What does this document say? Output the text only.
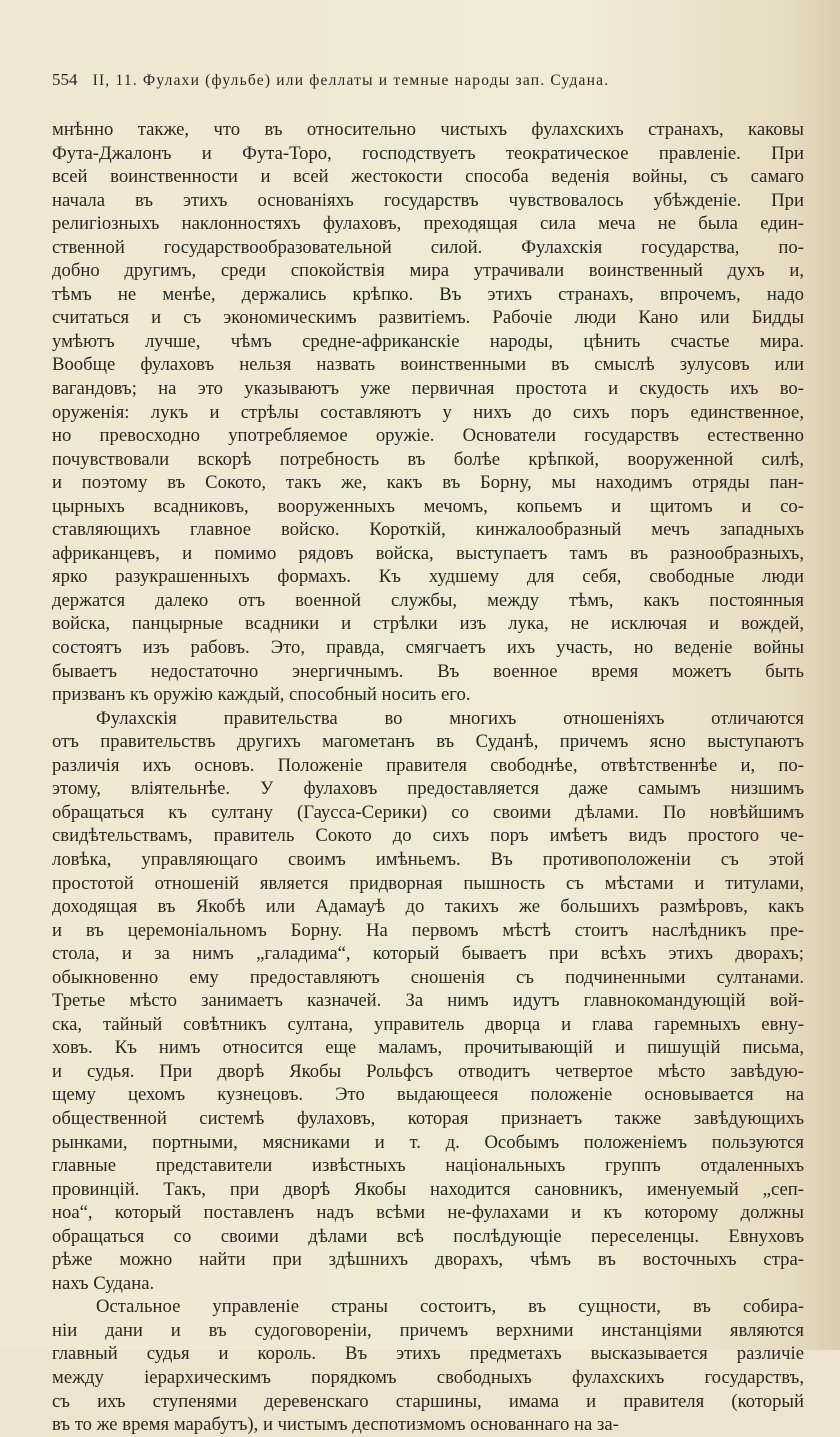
554 II, 11. Фулахи (фульбе) или феллаты и темные народы зап. Судана.
мнѣнно также, что въ относительно чистыхъ фулахскихъ странахъ, каковы
Фута-Джалонъ и Фута-Торо, господствуетъ теократическое правленіе. При
всей воинственности и всей жестокости способа веденія войны, съ самаго
начала въ этихъ основаніяхъ государствъ чувствовалось убѣжденіе. При
религіозныхъ наклонностяхъ фулаховъ, преходящая сила меча не была един-
ственной государствообразовательной силой. Фулахскія государства, по-
добно другимъ, среди спокойствія мира утрачивали воинственный духъ и,
тѣмъ не менѣе, держались крѣпко. Въ этихъ странахъ, впрочемъ, надо
считаться и съ экономическимъ развитіемъ. Рабочіе люди Кано или Бидды
умѣютъ лучше, чѣмъ средне-африканскіе народы, цѣнить счастье мира.
Вообще фулаховъ нельзя назвать воинственными въ смыслѣ зулусовъ или
вагандовъ; на это указываютъ уже первичная простота и скудость ихъ во-
оруженія: лукъ и стрѣлы составляютъ у нихъ до сихъ поръ единственное,
но превосходно употребляемое оружіе. Основатели государствъ естественно
почувствовали вскорѣ потребность въ болѣе крѣпкой, вооруженной силѣ,
и поэтому въ Сокото, такъ же, какъ въ Борну, мы находимъ отряды пан-
цырныхъ всадниковъ, вооруженныхъ мечомъ, копьемъ и щитомъ и со-
ставляющихъ главное войско. Короткій, кинжалообразный мечъ западныхъ
африканцевъ, и помимо рядовъ войска, выступаетъ тамъ въ разнообразныхъ,
ярко разукрашенныхъ формахъ. Къ худшему для себя, свободные люди
держатся далеко отъ военной службы, между тѣмъ, какъ постоянныя
войска, панцырные всадники и стрѣлки изъ лука, не исключая и вождей,
состоятъ изъ рабовъ. Это, правда, смягчаетъ ихъ участь, но веденіе войны
бываетъ недостаточно энергичнымъ. Въ военное время можетъ быть
призванъ къ оружію каждый, способный носить его.
Фулахскія правительства во многихъ отношеніяхъ отличаются
отъ правительствъ другихъ магометанъ въ Суданѣ, причемъ ясно выступаютъ
различія ихъ основъ. Положеніе правителя свободнѣе, отвѣтственнѣе и, по-
этому, вліятельнѣе. У фулаховъ предоставляется даже самымъ низшимъ
обращаться къ султану (Гаусса-Серики) со своими дѣлами. По новѣйшимъ
свидѣтельствамъ, правитель Сокото до сихъ поръ имѣетъ видъ простого че-
ловѣка, управляющаго своимъ имѣньемъ. Въ противоположеніи съ этой
простотой отношеній является придворная пышность съ мѣстами и титулами,
доходящая въ Якобѣ или Адамауѣ до такихъ же большихъ размѣровъ, какъ
и въ церемоніальномъ Борну. На первомъ мѣстѣ стоитъ наслѣдникъ пре-
стола, и за нимъ „галадима“, который бываетъ при всѣхъ этихъ дворахъ;
обыкновенно ему предоставляютъ сношенія съ подчиненными султанами.
Третье мѣсто занимаетъ казначей. За нимъ идутъ главнокомандующій вой-
ска, тайный совѣтникъ султана, управитель дворца и глава гаремныхъ евну-
ховъ. Къ нимъ относится еще маламъ, прочитывающій и пишущій письма,
и судья. При дворѣ Якобы Рольфсъ отводитъ четвертое мѣсто завѣдую-
щему цехомъ кузнецовъ. Это выдающееся положеніе основывается на
общественной системѣ фулаховъ, которая признаетъ также завѣдующихъ
рынками, портными, мясниками и т. д. Особымъ положеніемъ пользуются
главные представители извѣстныхъ національныхъ группъ отдаленныхъ
провинцій. Такъ, при дворѣ Якобы находится сановникъ, именуемый „сеп-
ноа“, который поставленъ надъ всѣми не-фулахами и къ которому должны
обращаться со своими дѣлами всѣ послѣдующіе переселенцы. Евнуховъ
рѣже можно найти при здѣшнихъ дворахъ, чѣмъ въ восточныхъ стра-
нахъ Судана.
Остальное управленіе страны состоитъ, въ сущности, въ собира-
ніи дани и въ судоговореніи, причемъ верхними инстанціями являются
главный судья и король. Въ этихъ предметахъ высказывается различіе
между іерархическимъ порядкомъ свободныхъ фулахскихъ государствъ,
съ ихъ ступенями деревенскаго старшины, имама и правителя (который
въ то же время марабутъ), и чистымъ деспотизмомъ основаннаго на за-
